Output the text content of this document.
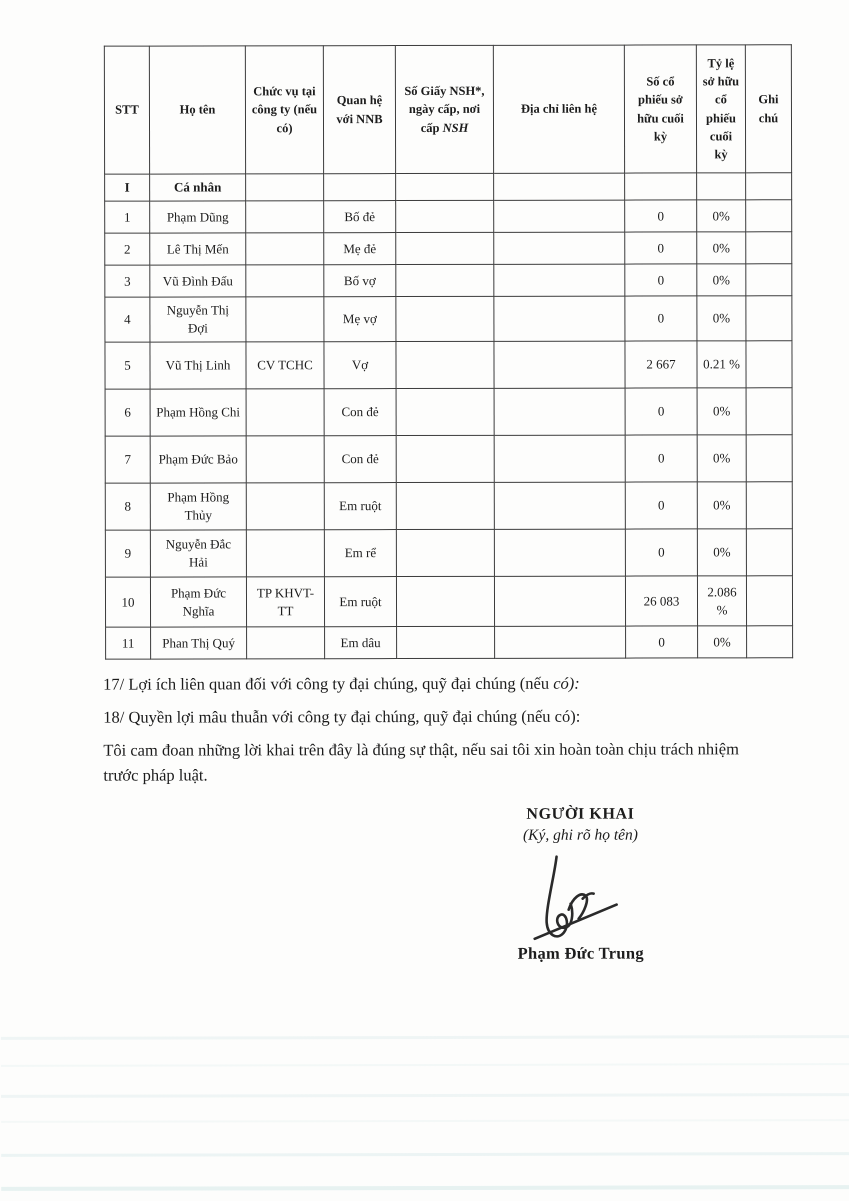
STT	Họ tên	Chức vụ tại công ty (nếu có)	Quan hệ với NNB	Số Giấy NSH*, ngày cấp, nơi cấp NSH	Địa chỉ liên hệ	Số cổ phiếu sở hữu cuối kỳ	Tỷ lệ sở hữu cổ phiếu cuối kỳ	Ghi chú
I	Cá nhân							
1	Phạm Dũng		Bố đẻ			0	0%	
2	Lê Thị Mến		Mẹ đẻ			0	0%	
3	Vũ Đình Đấu		Bố vợ			0	0%	
4	Nguyễn Thị Đợi		Mẹ vợ			0	0%	
5	Vũ Thị Linh	CV TCHC	Vợ			2 667	0.21 %	
6	Phạm Hồng Chi		Con đẻ			0	0%	
7	Phạm Đức Bảo		Con đẻ			0	0%	
8	Phạm Hồng Thủy		Em ruột			0	0%	
9	Nguyễn Đắc Hải		Em rể			0	0%	
10	Phạm Đức Nghĩa	TP KHVT-TT	Em ruột			26 083	2.086 %	
11	Phan Thị Quý		Em dâu			0	0%	

17/ Lợi ích liên quan đối với công ty đại chúng, quỹ đại chúng (nếu có):

18/ Quyền lợi mâu thuẫn với công ty đại chúng, quỹ đại chúng (nếu có):

Tôi cam đoan những lời khai trên đây là đúng sự thật, nếu sai tôi xin hoàn toàn chịu trách nhiệm trước pháp luật.

NGƯỜI KHAI
(Ký, ghi rõ họ tên)
Phạm Đức Trung
